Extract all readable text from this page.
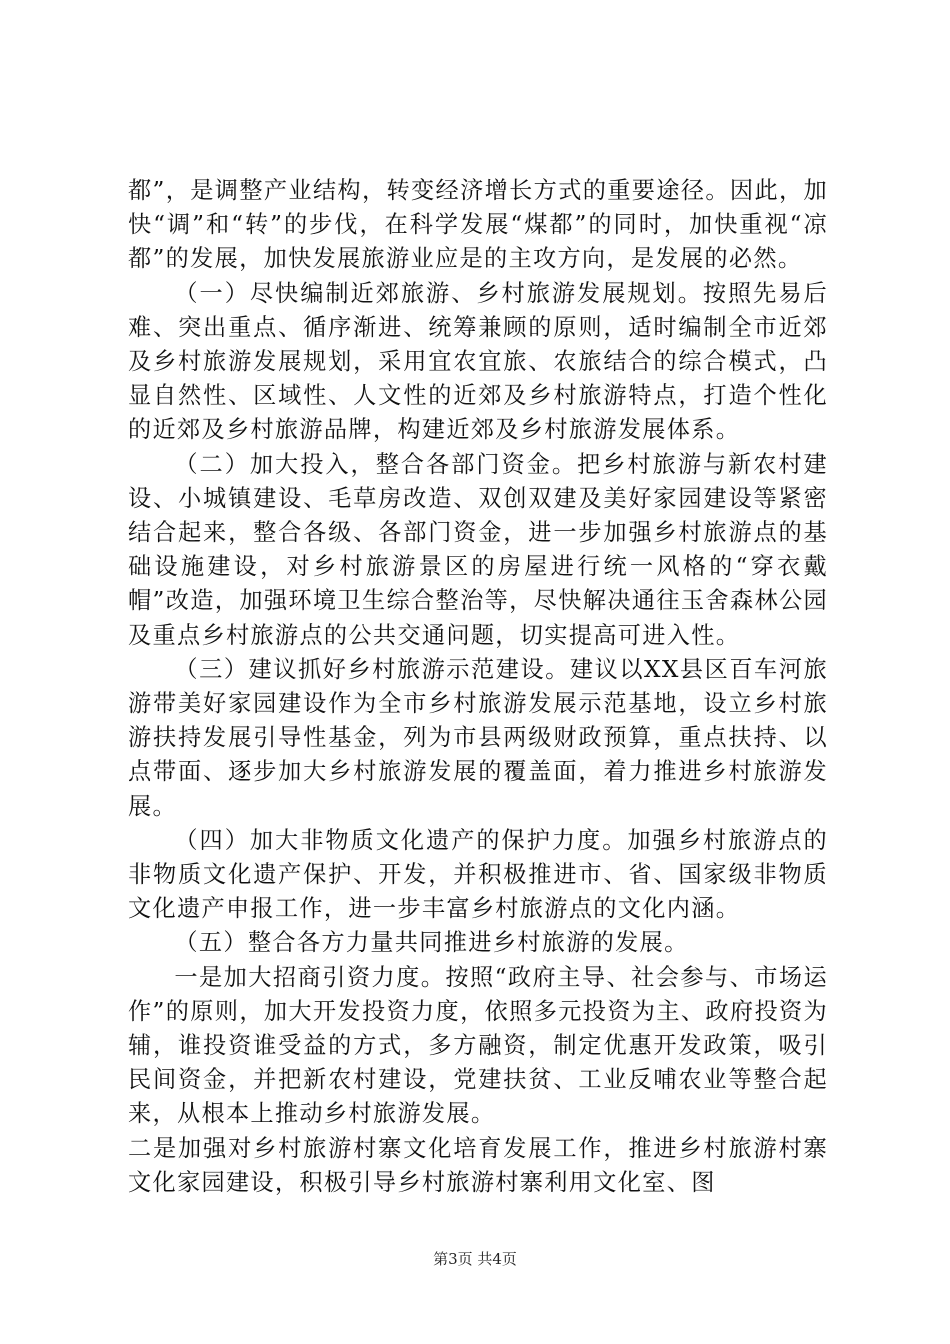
都”，是调整产业结构，转变经济增长方式的重要途径。因此，加快“调”和“转”的步伐，在科学发展“煤都”的同时，加快重视“凉都”的发展，加快发展旅游业应是的主攻方向，是发展的必然。

（一）尽快编制近郊旅游、乡村旅游发展规划。按照先易后难、突出重点、循序渐进、统筹兼顾的原则，适时编制全市近郊及乡村旅游发展规划，采用宜农宜旅、农旅结合的综合模式，凸显自然性、区域性、人文性的近郊及乡村旅游特点，打造个性化的近郊及乡村旅游品牌，构建近郊及乡村旅游发展体系。

（二）加大投入，整合各部门资金。把乡村旅游与新农村建设、小城镇建设、毛草房改造、双创双建及美好家园建设等紧密结合起来，整合各级、各部门资金，进一步加强乡村旅游点的基础设施建设，对乡村旅游景区的房屋进行统一风格的“穿衣戴帽”改造，加强环境卫生综合整治等，尽快解决通往玉舍森林公园及重点乡村旅游点的公共交通问题，切实提高可进入性。

（三）建议抓好乡村旅游示范建设。建议以XX县区百车河旅游带美好家园建设作为全市乡村旅游发展示范基地，设立乡村旅游扶持发展引导性基金，列为市县两级财政预算，重点扶持、以点带面、逐步加大乡村旅游发展的覆盖面，着力推进乡村旅游发展。

（四）加大非物质文化遗产的保护力度。加强乡村旅游点的非物质文化遗产保护、开发，并积极推进市、省、国家级非物质文化遗产申报工作，进一步丰富乡村旅游点的文化内涵。

（五）整合各方力量共同推进乡村旅游的发展。

一是加大招商引资力度。按照“政府主导、社会参与、市场运作”的原则，加大开发投资力度，依照多元投资为主、政府投资为辅，谁投资谁受益的方式，多方融资，制定优惠开发政策，吸引民间资金，并把新农村建设，党建扶贫、工业反哺农业等整合起来，从根本上推动乡村旅游发展。

二是加强对乡村旅游村寨文化培育发展工作，推进乡村旅游村寨文化家园建设，积极引导乡村旅游村寨利用文化室、图

第3页 共4页
